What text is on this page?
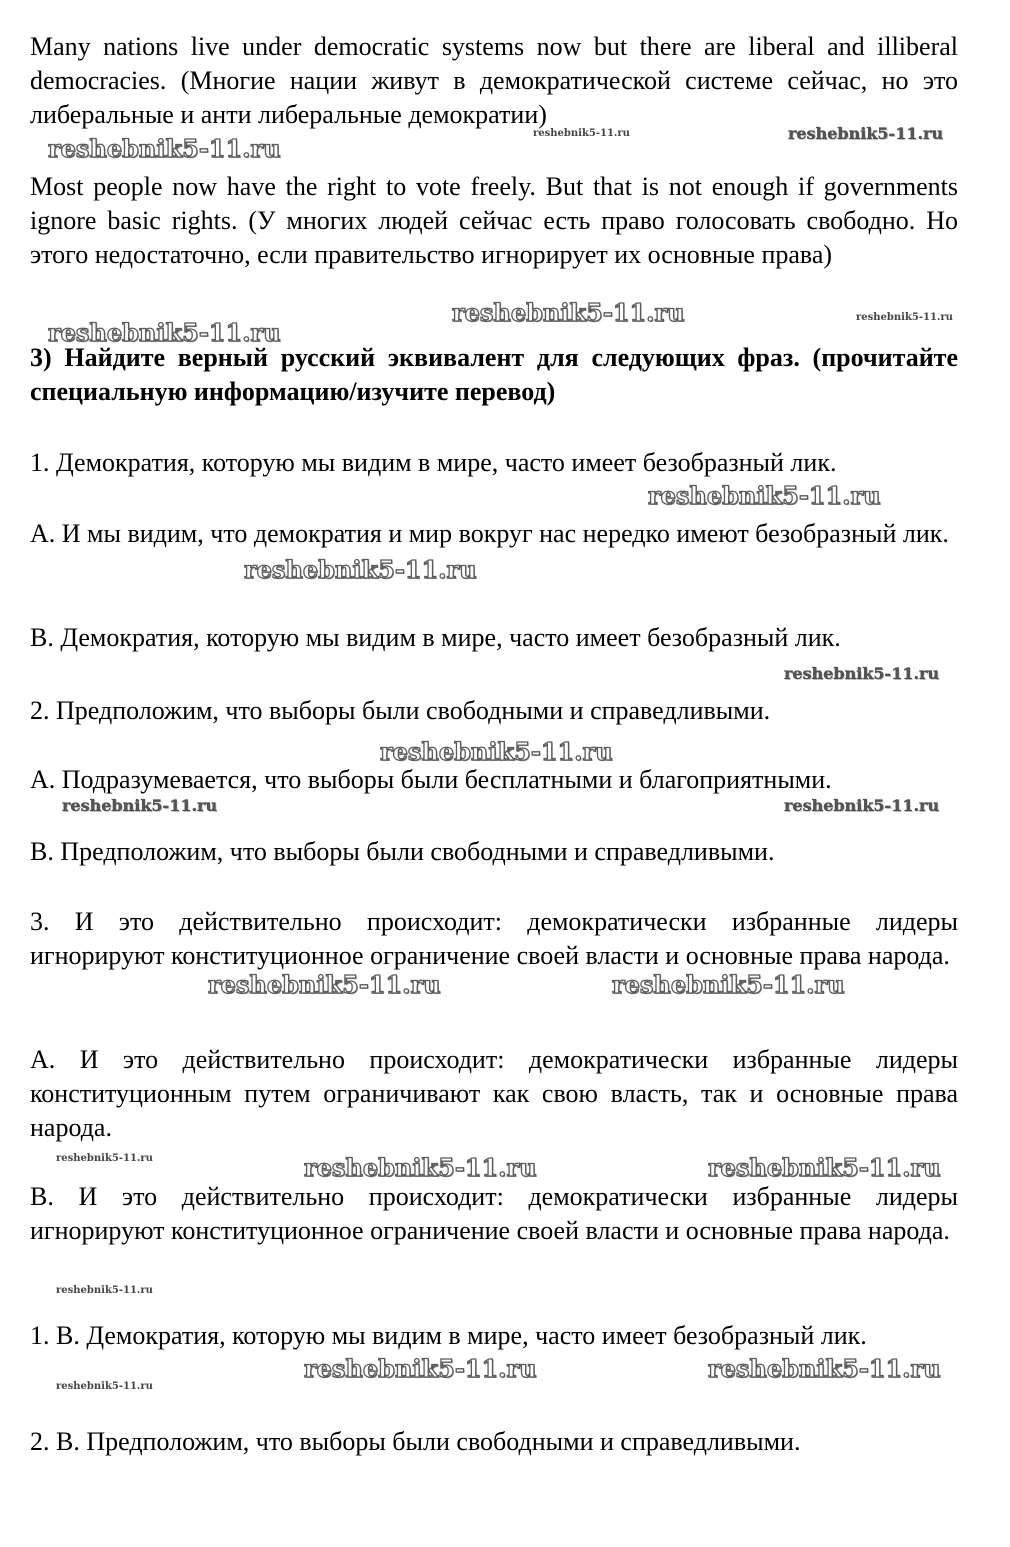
Many nations live under democratic systems now but there are liberal and illiberal democracies. (Многие нации живут в демократической системе сейчас, но это либеральные и анти либеральные демократии)

Most people now have the right to vote freely. But that is not enough if governments ignore basic rights. (У многих людей сейчас есть право голосовать свободно. Но этого недостаточно, если правительство игнорирует их основные права)

3) Найдите верный русский эквивалент для следующих фраз. (прочитайте специальную информацию/изучите перевод)

1. Демократия, которую мы видим в мире, часто имеет безобразный лик.

A. И мы видим, что демократия и мир вокруг нас нередко имеют безобразный лик.

B. Демократия, которую мы видим в мире, часто имеет безобразный лик.

2. Предположим, что выборы были свободными и справедливыми.

A. Подразумевается, что выборы были бесплатными и благоприятными.

B. Предположим, что выборы были свободными и справедливыми.

3. И это действительно происходит: демократически избранные лидеры игнорируют конституционное ограничение своей власти и основные права народа.

A. И это действительно происходит: демократически избранные лидеры конституционным путем ограничивают как свою власть, так и основные права народа.

B. И это действительно происходит: демократически избранные лидеры игнорируют конституционное ограничение своей власти и основные права народа.

1. B. Демократия, которую мы видим в мире, часто имеет безобразный лик.

2. B. Предположим, что выборы были свободными и справедливыми.

reshebnik5-11.ru
reshebnik5-11.ru	reshebnik5-11.ru
reshebnik5-11.ru	reshebnik5-11.ru
reshebnik5-11.ru
reshebnik5-11.ru
reshebnik5-11.ru
reshebnik5-11.ru
reshebnik5-11.ru
reshebnik5-11.ru	reshebnik5-11.ru
reshebnik5-11.ru	reshebnik5-11.ru
reshebnik5-11.ru	reshebnik5-11.ru	reshebnik5-11.ru
reshebnik5-11.ru
reshebnik5-11.ru	reshebnik5-11.ru
reshebnik5-11.ru
